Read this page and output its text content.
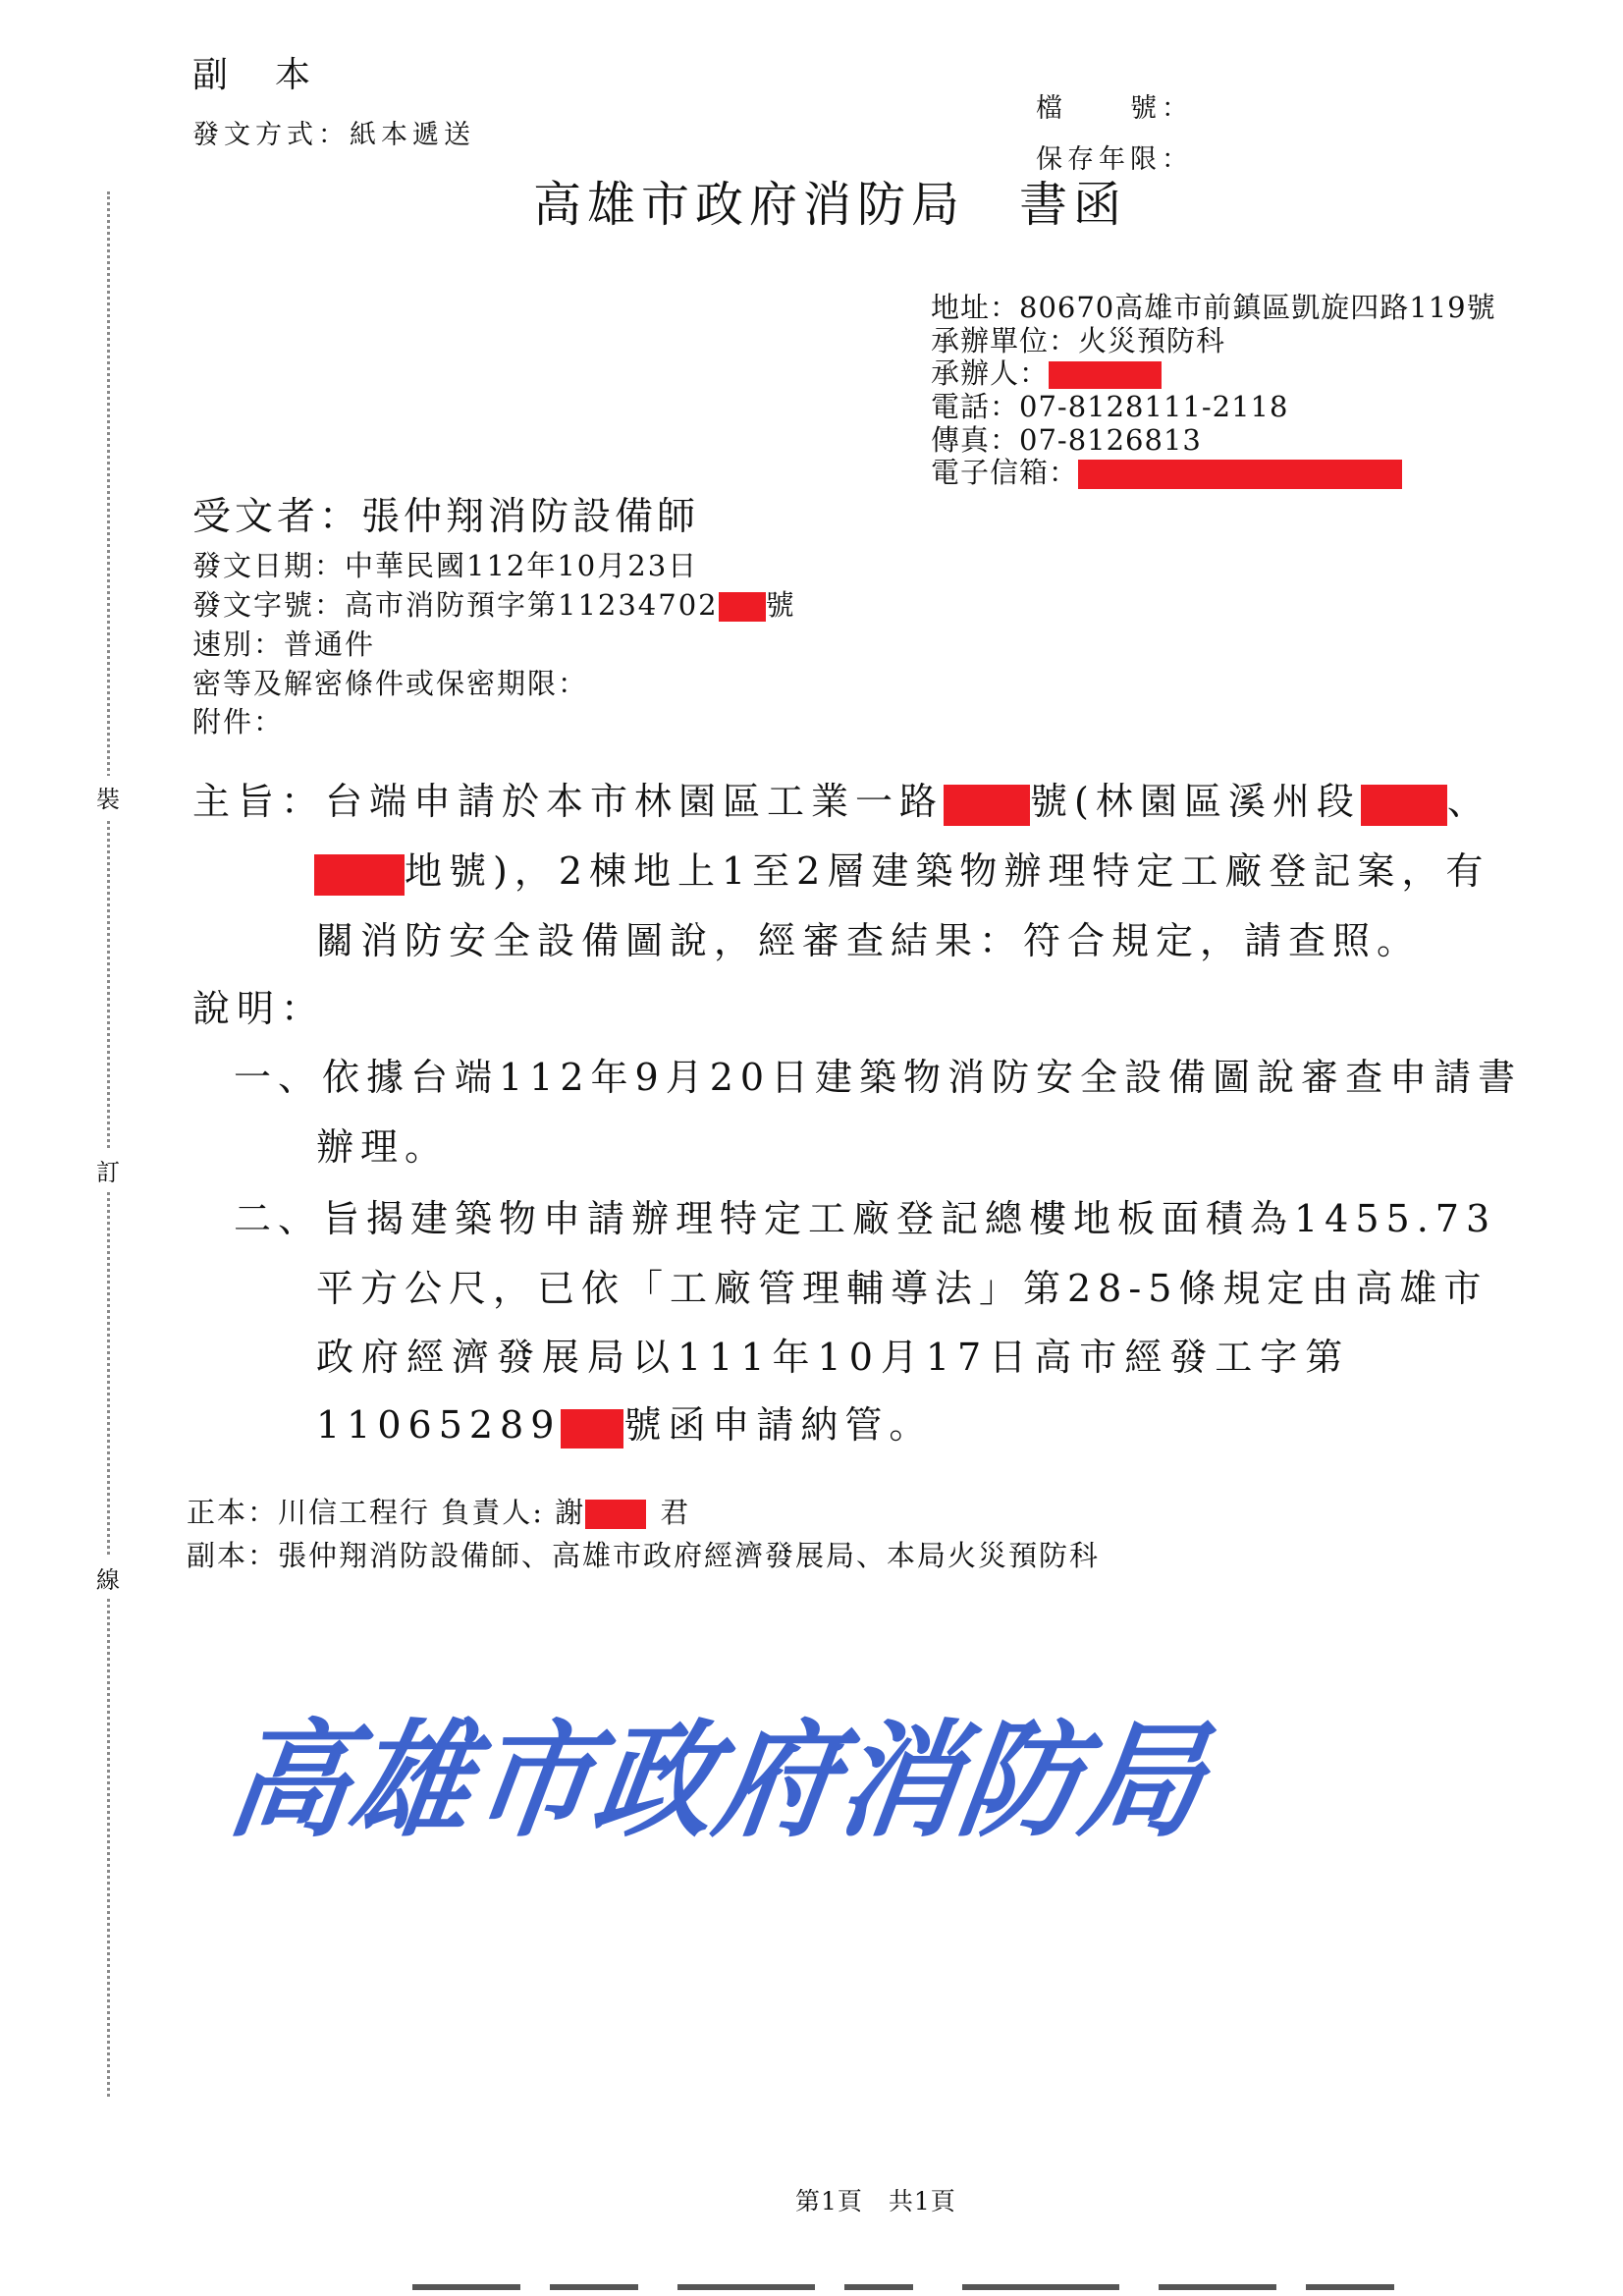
裝
訂
線
副　本
發文方式：紙本遞送
檔　　號：
保存年限：
高雄市政府消防局　書函
地址：80670高雄市前鎮區凱旋四路119號
承辦單位：火災預防科
承辦人：
電話：07-8128111-2118
傳真：07-8126813
電子信箱：
受文者：張仲翔消防設備師
發文日期：中華民國112年10月23日
發文字號：高市消防預字第11234702 號
速別：普通件
密等及解密條件或保密期限：
附件：
主旨：台端申請於本市林園區工業一路 號(林園區溪州段 、
地號)，2棟地上1至2層建築物辦理特定工廠登記案，有
關消防安全設備圖說，經審查結果：符合規定，請查照。
說明：
一、依據台端112年9月20日建築物消防安全設備圖說審查申請書
辦理。
二、旨揭建築物申請辦理特定工廠登記總樓地板面積為1455.73
平方公尺，已依「工廠管理輔導法」第28-5條規定由高雄市
政府經濟發展局以111年10月17日高市經發工字第
11065289 號函申請納管。
正本：川信工程行 負責人: 謝	君
副本：張仲翔消防設備師、高雄市政府經濟發展局、本局火災預防科
高雄市政府消防局
第1頁　共1頁
